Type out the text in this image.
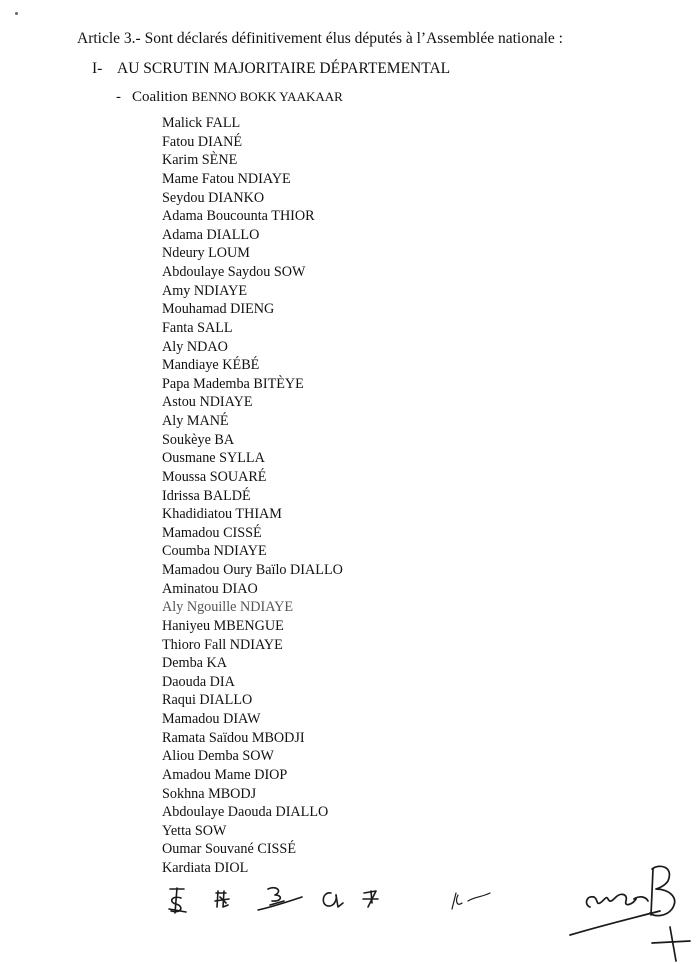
Article 3.- Sont déclarés définitivement élus députés à l’Assemblée nationale :
I- AU SCRUTIN MAJORITAIRE DÉPARTEMENTAL
- Coalition BENNO BOKK YAAKAAR
Malick FALL
Fatou DIANÉ
Karim SÈNE
Mame Fatou NDIAYE
Seydou DIANKO
Adama Boucounta THIOR
Adama DIALLO
Ndeury LOUM
Abdoulaye Saydou SOW
Amy NDIAYE
Mouhamad DIENG
Fanta SALL
Aly NDAO
Mandiaye KÉBÉ
Papa Mademba BITÈYE
Astou NDIAYE
Aly MANÉ
Soukèye BA
Ousmane SYLLA
Moussa SOUARÉ
Idrissa BALDÉ
Khadidiatou THIAM
Mamadou CISSÉ
Coumba NDIAYE
Mamadou Oury Baïlo DIALLO
Aminatou DIAO
Aly Ngouille NDIAYE
Haniyeu MBENGUE
Thioro Fall NDIAYE
Demba KA
Daouda DIA
Raqui DIALLO
Mamadou DIAW
Ramata Saïdou MBODJI
Aliou Demba SOW
Amadou Mame DIOP
Sokhna MBODJ
Abdoulaye Daouda DIALLO
Yetta SOW
Oumar Souvané CISSÉ
Kardiata DIOL
